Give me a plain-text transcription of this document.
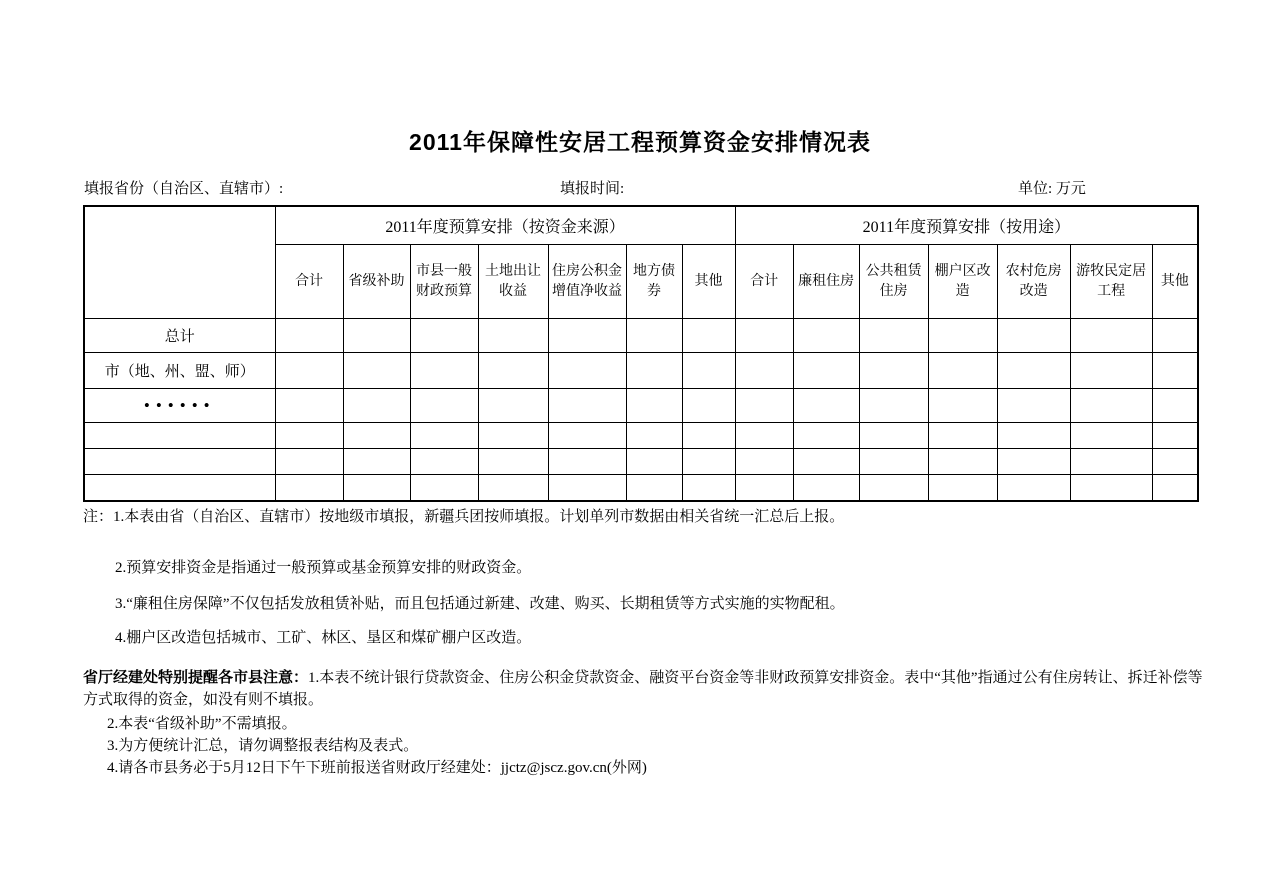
2011年保障性安居工程预算资金安排情况表
填报省份（自治区、直辖市）:	填报时间:	单位: 万元
	2011年度预算安排（按资金来源）							2011年度预算安排（按用途）						
	合计	省级补助	市县一般财政预算	土地出让收益	住房公积金增值净收益	地方债券	其他	合计	廉租住房	公共租赁住房	棚户区改造	农村危房改造	游牧民定居工程	其他
总计														
市（地、州、盟、师）														
••••••														

注：1.本表由省（自治区、直辖市）按地级市填报，新疆兵团按师填报。计划单列市数据由相关省统一汇总后上报。

2.预算安排资金是指通过一般预算或基金预算安排的财政资金。

3.“廉租住房保障”不仅包括发放租赁补贴，而且包括通过新建、改建、购买、长期租赁等方式实施的实物配租。

4.棚户区改造包括城市、工矿、林区、垦区和煤矿棚户区改造。

省厅经建处特别提醒各市县注意：1.本表不统计银行贷款资金、住房公积金贷款资金、融资平台资金等非财政预算安排资金。表中“其他”指通过公有住房转让、拆迁补偿等方式取得的资金，如没有则不填报。

2.本表“省级补助”不需填报。

3.为方便统计汇总，请勿调整报表结构及表式。

4.请各市县务必于5月12日下午下班前报送省财政厅经建处：jjctz@jscz.gov.cn(外网)
